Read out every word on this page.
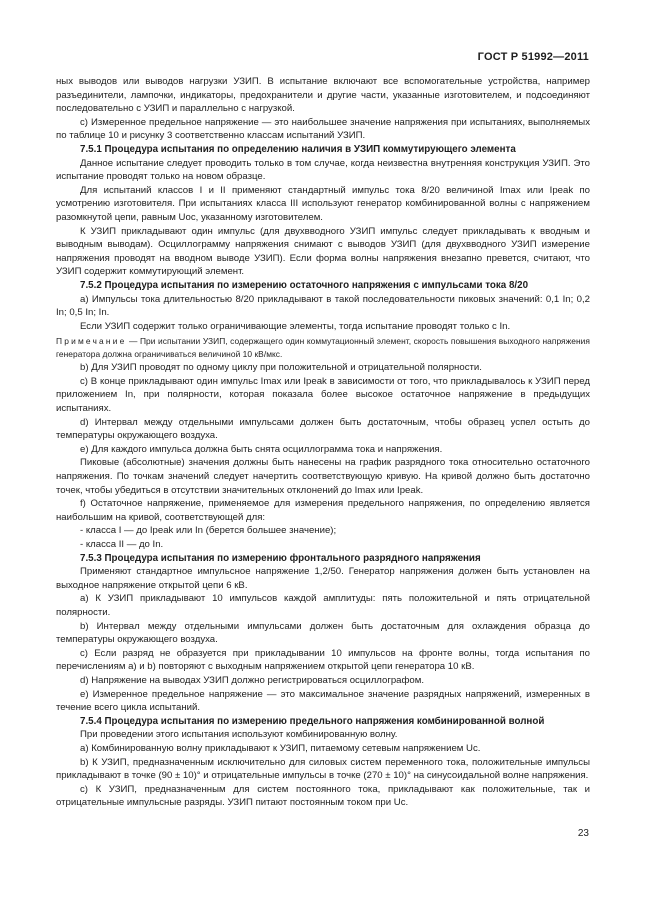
ГОСТ Р 51992—2011

ных выводов или выводов нагрузки УЗИП. В испытание включают все вспомогательные устройства, например разъединители, лампочки, индикаторы, предохранители и другие части, указанные изготовителем, и подсоединяют последовательно с УЗИП и параллельно с нагрузкой.

с) Измеренное предельное напряжение — это наибольшее значение напряжения при испытаниях, выполняемых по таблице 10 и рисунку 3 соответственно классам испытаний УЗИП.

7.5.1 Процедура испытания по определению наличия в УЗИП коммутирующего элемента

Данное испытание следует проводить только в том случае, когда неизвестна внутренняя конструкция УЗИП. Это испытание проводят только на новом образце.

Для испытаний классов I и II применяют стандартный импульс тока 8/20 величиной Imax или Ipeak по усмотрению изготовителя. При испытаниях класса III используют генератор комбинированной волны с напряжением разомкнутой цепи, равным Uoc, указанному изготовителем.

К УЗИП прикладывают один импульс (для двухвводного УЗИП импульс следует прикладывать к вводным и выводным выводам). Осциллограмму напряжения снимают с выводов УЗИП (для двухвводного УЗИП измерение напряжения проводят на вводном выводе УЗИП). Если форма волны напряжения внезапно превется, считают, что УЗИП содержит коммутирующий элемент.

7.5.2 Процедура испытания по измерению остаточного напряжения с импульсами тока 8/20

а) Импульсы тока длительностью 8/20 прикладывают в такой последовательности пиковых значений: 0,1 In; 0,2 In; 0,5 In; In.

Если УЗИП содержит только ограничивающие элементы, тогда испытание проводят только с In.

Примечание — При испытании УЗИП, содержащего один коммутационный элемент, скорость повышения выходного напряжения генератора должна ограничиваться величиной 10 кВ/мкс.

b) Для УЗИП проводят по одному циклу при положительной и отрицательной полярности.

с) В конце прикладывают один импульс Imax или Ipeak в зависимости от того, что прикладывалось к УЗИП перед приложением In, при полярности, которая показала более высокое остаточное напряжение в предыдущих испытаниях.

d) Интервал между отдельными импульсами должен быть достаточным, чтобы образец успел остыть до температуры окружающего воздуха.

е) Для каждого импульса должна быть снята осциллограмма тока и напряжения.

Пиковые (абсолютные) значения должны быть нанесены на график разрядного тока относительно остаточного напряжения. По точкам значений следует начертить соответствующую кривую. На кривой должно быть достаточно точек, чтобы убедиться в отсутствии значительных отклонений до Imax или Ipeak.

f) Остаточное напряжение, применяемое для измерения предельного напряжения, по определению является наибольшим на кривой, соответствующей для:

- класса I — до Ipeak или In (берется большее значение);

- класса II — до In.

7.5.3 Процедура испытания по измерению фронтального разрядного напряжения

Применяют стандартное импульсное напряжение 1,2/50. Генератор напряжения должен быть установлен на выходное напряжение открытой цепи 6 кВ.

а) К УЗИП прикладывают 10 импульсов каждой амплитуды: пять положительной и пять отрицательной полярности.

b) Интервал между отдельными импульсами должен быть достаточным для охлаждения образца до температуры окружающего воздуха.

с) Если разряд не образуется при прикладывании 10 импульсов на фронте волны, тогда испытания по перечислениям а) и b) повторяют с выходным напряжением открытой цепи генератора 10 кВ.

d) Напряжение на выводах УЗИП должно регистрироваться осциллографом.

е) Измеренное предельное напряжение — это максимальное значение разрядных напряжений, измеренных в течение всего цикла испытаний.

7.5.4 Процедура испытания по измерению предельного напряжения комбинированной волной

При проведении этого испытания используют комбинированную волну.

а) Комбинированную волну прикладывают к УЗИП, питаемому сетевым напряжением Uc.

b) К УЗИП, предназначенным исключительно для силовых систем переменного тока, положительные импульсы прикладывают в точке (90 ± 10)° и отрицательные импульсы в точке (270 ± 10)° на синусоидальной волне напряжения.

с) К УЗИП, предназначенным для систем постоянного тока, прикладывают как положительные, так и отрицательные импульсные разряды. УЗИП питают постоянным током при Uc.

23
